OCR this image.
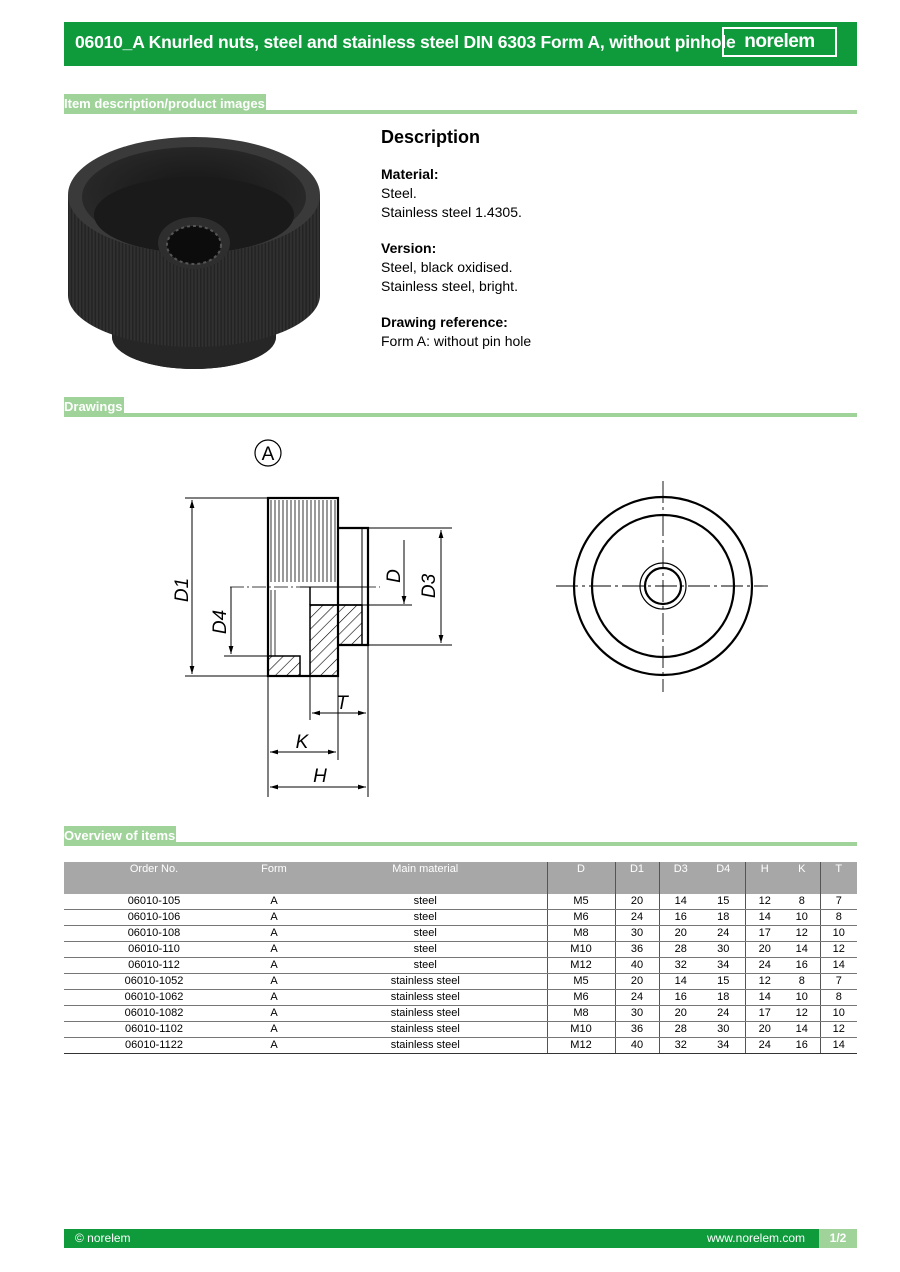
06010_A Knurled nuts, steel and stainless steel DIN 6303 Form A, without pinhole norelem
Item description/product images
Description
Material:
Steel.
Stainless steel 1.4305.
Version:
Steel, black oxidised.
Stainless steel, bright.
Drawing reference:
Form A: without pin hole
Drawings
A
D1
D4
D D3
T
K
H
Overview of items
Order No.	Form	Main material	D	D1	D3	D4	H	K	T
06010-105	A	steel	M5	20	14	15	12	8	7
06010-106	A	steel	M6	24	16	18	14	10	8
06010-108	A	steel	M8	30	20	24	17	12	10
06010-110	A	steel	M10	36	28	30	20	14	12
06010-112	A	steel	M12	40	32	34	24	16	14
06010-1052	A	stainless steel	M5	20	14	15	12	8	7
06010-1062	A	stainless steel	M6	24	16	18	14	10	8
06010-1082	A	stainless steel	M8	30	20	24	17	12	10
06010-1102	A	stainless steel	M10	36	28	30	20	14	12
06010-1122	A	stainless steel	M12	40	32	34	24	16	14
© norelem	www.norelem.com	1/2
